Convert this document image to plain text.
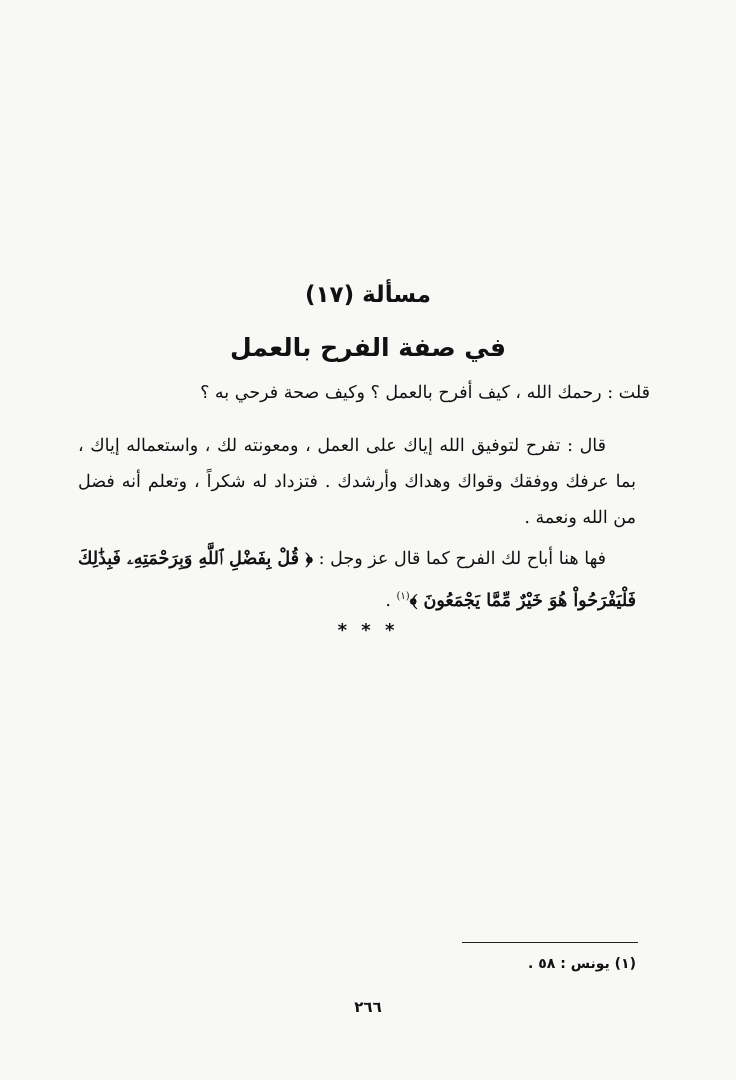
مسألة (١٧)
في صفة الفرح بالعمل

قلت : رحمك الله ، كيف أفرح بالعمل ؟ وكيف صحة فرحي به ؟

قال : تفرح لتوفيق الله إياك على العمل ، ومعونته لك ، واستعماله إياك ، بما عرفك ووفقك وقواك وهداك وأرشدك . فتزداد له شكراً ، وتعلم أنه فضل من الله ونعمة .

فها هنا أباح لك الفرح كما قال عز وجل : ﴿ قُلْ بِفَضْلِ ٱللَّهِ وَبِرَحْمَتِهِۦ فَبِذَٰلِكَ فَلْيَفْرَحُواْ هُوَ خَيْرٌ مِّمَّا يَجْمَعُونَ ﴾$^{(١)}$ .

* * *
(١) يونس : ٥٨ .
٢٦٦
